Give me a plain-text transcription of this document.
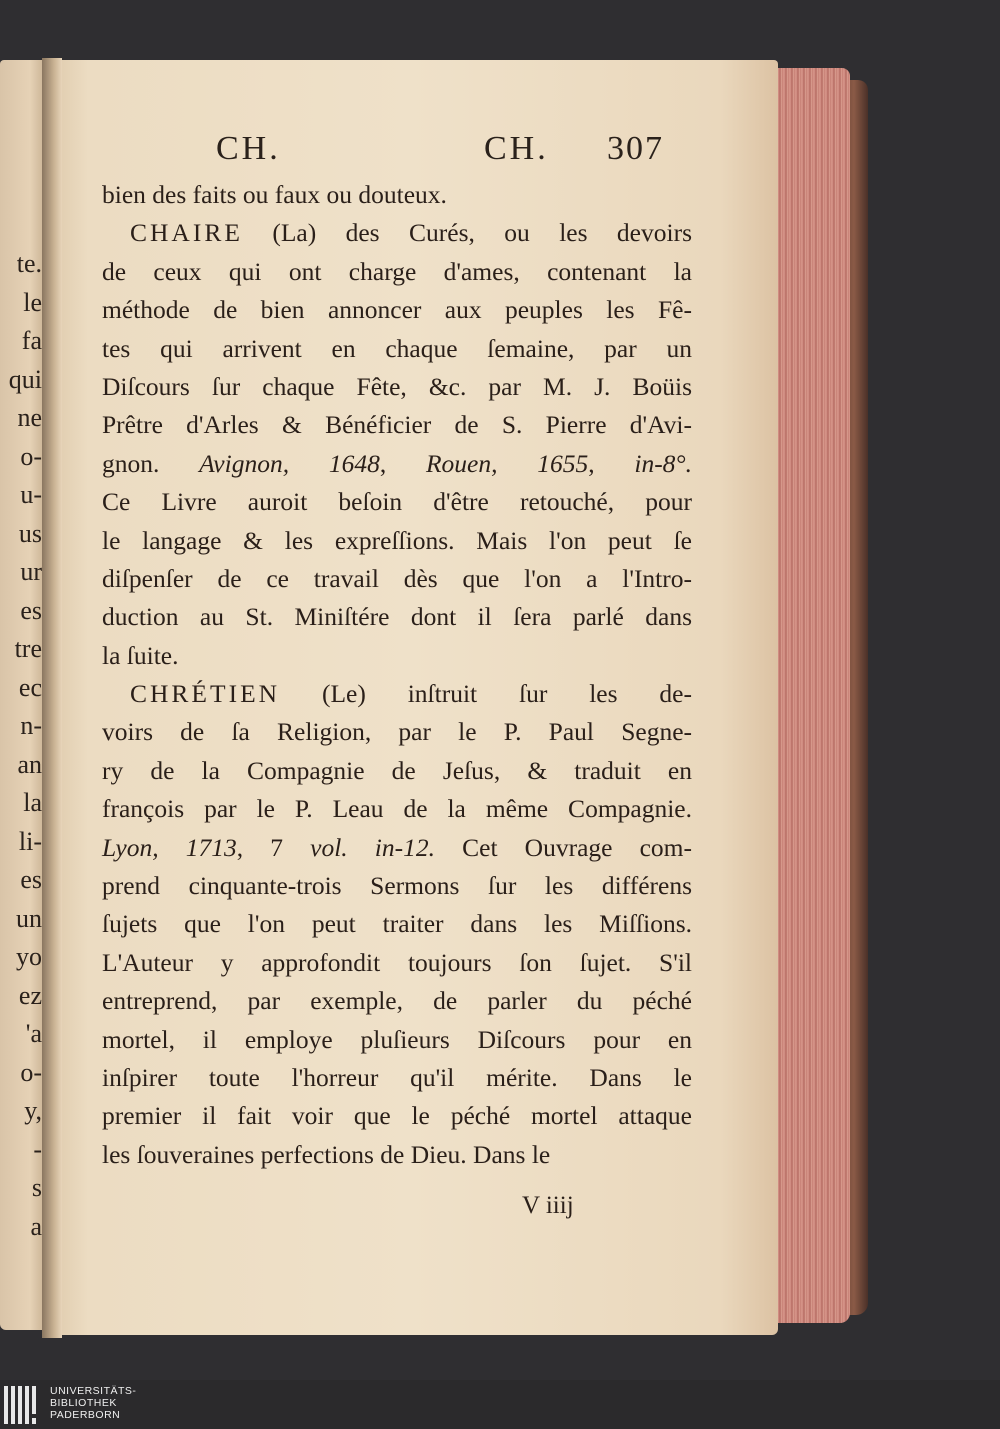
te.
le
fa
qui
ne
o-
u-
us
ur
es
tre
ec
n-
an
la
li-
es
un
yo
ez
'a
o-
y,
-
s
a
CH.	CH. 307
bien des faits ou faux ou douteux.
CHAIRE (La) des Curés, ou les devoirs
de ceux qui ont charge d'ames, contenant la
méthode de bien annoncer aux peuples les Fê-
tes qui arrivent en chaque ſemaine, par un
Diſcours ſur chaque Fête, &c. par M. J. Boüis
Prêtre d'Arles & Bénéficier de S. Pierre d'Avi-
gnon. Avignon, 1648, Rouen, 1655, in-8°.
Ce Livre auroit beſoin d'être retouché, pour
le langage & les expreſſions. Mais l'on peut ſe
diſpenſer de ce travail dès que l'on a l'Intro-
duction au St. Miniſtére dont il ſera parlé dans
la ſuite.
CHRÉTIEN (Le) inſtruit ſur les de-
voirs de ſa Religion, par le P. Paul Segne-
ry de la Compagnie de Jeſus, & traduit en
françois par le P. Leau de la même Compagnie.
Lyon, 1713, 7 vol. in-12. Cet Ouvrage com-
prend cinquante-trois Sermons ſur les différens
ſujets que l'on peut traiter dans les Miſſions.
L'Auteur y approfondit toujours ſon ſujet. S'il
entreprend, par exemple, de parler du péché
mortel, il employe pluſieurs Diſcours pour en
inſpirer toute l'horreur qu'il mérite. Dans le
premier il fait voir que le péché mortel attaque
les ſouveraines perfections de Dieu. Dans le
V iiij
UNIVERSITÄTS-
BIBLIOTHEK
PADERBORN
